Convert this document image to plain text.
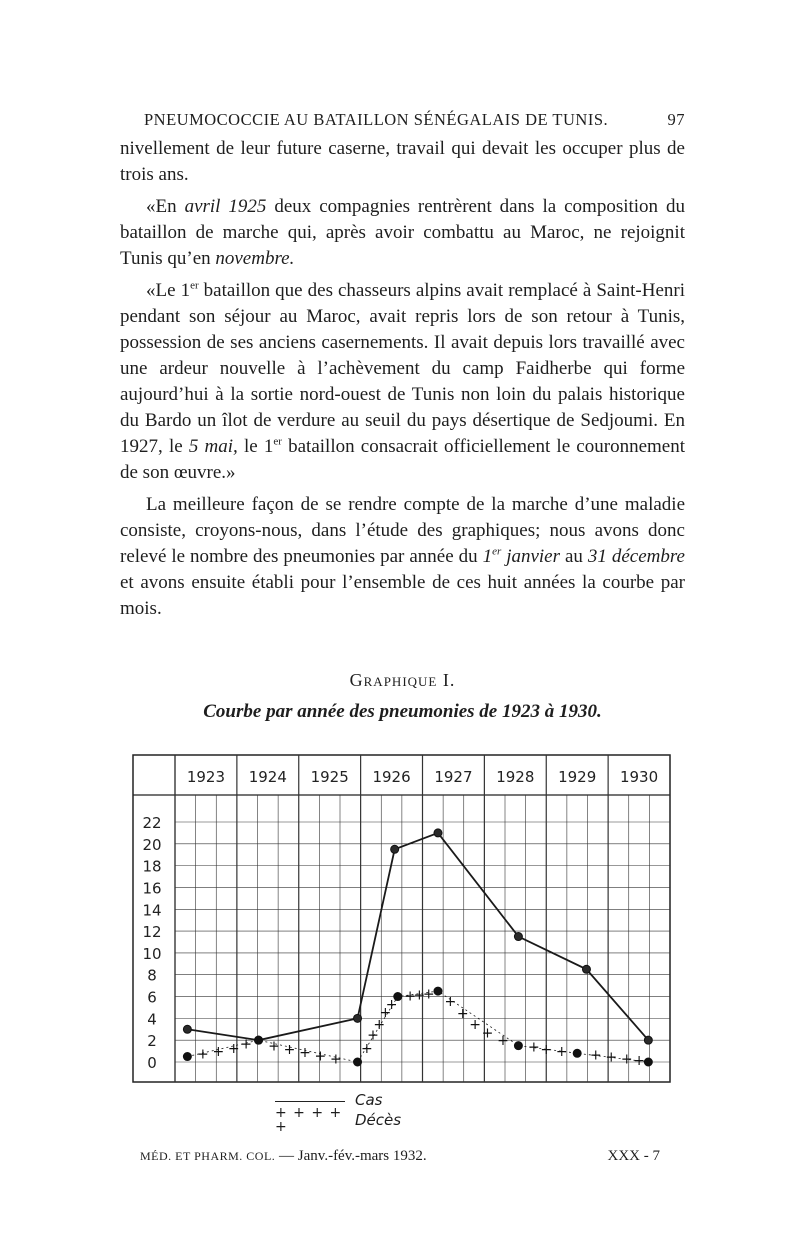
PNEUMOCOCCIE AU BATAILLON SÉNÉGALAIS DE TUNIS.	97

nivellement de leur future caserne, travail qui devait les occuper plus de trois ans.

«En avril 1925 deux compagnies rentrèrent dans la composition du bataillon de marche qui, après avoir combattu au Maroc, ne rejoignit Tunis qu’en novembre.

«Le 1er bataillon que des chasseurs alpins avait remplacé à Saint-Henri pendant son séjour au Maroc, avait repris lors de son retour à Tunis, possession de ses anciens casernements. Il avait depuis lors travaillé avec une ardeur nouvelle à l’achèvement du camp Faidherbe qui forme aujourd’hui à la sortie nord-ouest de Tunis non loin du palais historique du Bardo un îlot de verdure au seuil du pays désertique de Sedjoumi. En 1927, le 5 mai, le 1er bataillon consacrait officiellement le couronnement de son œuvre.»

La meilleure façon de se rendre compte de la marche d’une maladie consiste, croyons-nous, dans l’étude des graphiques; nous avons donc relevé le nombre des pneumonies par année du 1er janvier au 31 décembre et avons ensuite établi pour l’ensemble de ces huit années la courbe par mois.

Graphique I.
Courbe par année des pneumonies de 1923 à 1930.
1923 1924 1925 1926 1927 1928 1929 1930
22
20
18
16
14
12
10
8
6
4
2
0	+ + + + + + + + +
+
+
+
+
+
+
+
+ +
+
+
+ + + + + + + + +
Cas
+ + + + +	Décès
MÉD. ET PHARM. COL. — Janv.-fév.-mars 1932.	XXX - 7
